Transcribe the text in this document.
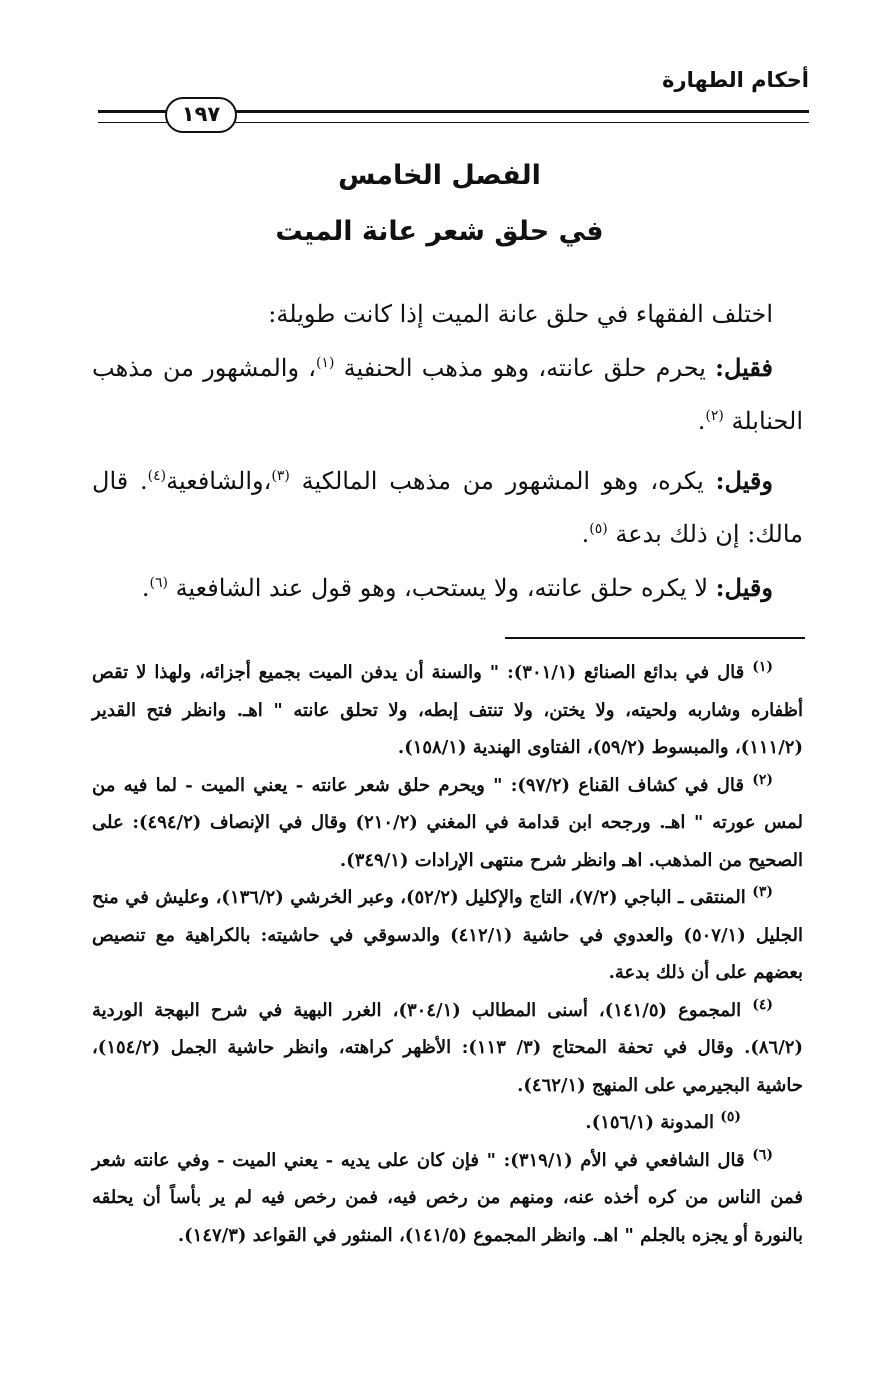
أحكام الطهارة
١٩٧
الفصل الخامس
في حلق شعر عانة الميت

اختلف الفقهاء في حلق عانة الميت إذا كانت طويلة:

فقيل: يحرم حلق عانته، وهو مذهب الحنفية $^{(١)}$، والمشهور من مذهب الحنابلة $^{(٢)}$.

وقيل: يكره، وهو المشهور من مذهب المالكية $^{(٣)}$،والشافعية$^{(٤)}$. قال مالك: إن ذلك بدعة $^{(٥)}$.

وقيل: لا يكره حلق عانته، ولا يستحب، وهو قول عند الشافعية $^{(٦)}$.

$^{(١)}$ قال في بدائع الصنائع (٣٠١/١): " والسنة أن يدفن الميت بجميع أجزائه، ولهذا لا تقص أظفاره وشاربه ولحيته، ولا يختن، ولا تنتف إبطه، ولا تحلق عانته " اهـ. وانظر فتح القدير (١١١/٢)، والمبسوط (٥٩/٢)، الفتاوى الهندية (١٥٨/١).

$^{(٢)}$ قال في كشاف القناع (٩٧/٢): " ويحرم حلق شعر عانته - يعني الميت - لما فيه من لمس عورته " اهـ. ورجحه ابن قدامة في المغني (٢١٠/٢) وقال في الإنصاف (٤٩٤/٢): على الصحيح من المذهب. اهـ وانظر شرح منتهى الإرادات (٣٤٩/١).

$^{(٣)}$ المنتقى ـ الباجي (٧/٢)، التاج والإكليل (٥٢/٢)، وعبر الخرشي (١٣٦/٢)، وعليش في منح الجليل (٥٠٧/١) والعدوي في حاشية (٤١٢/١) والدسوقي في حاشيته: بالكراهية مع تنصيص بعضهم على أن ذلك بدعة.

$^{(٤)}$ المجموع (١٤١/٥)، أسنى المطالب (٣٠٤/١)، الغرر البهية في شرح البهجة الوردية (٨٦/٢). وقال في تحفة المحتاج (٣/ ١١٣): الأظهر كراهته، وانظر حاشية الجمل (١٥٤/٢)، حاشية البجيرمي على المنهج (٤٦٢/١).

$^{(٥)}$ المدونة (١٥٦/١).

$^{(٦)}$ قال الشافعي في الأم (٣١٩/١): " فإن كان على يديه - يعني الميت - وفي عانته شعر فمن الناس من كره أخذه عنه، ومنهم من رخص فيه، فمن رخص فيه لم ير بأساً أن يحلقه بالنورة أو يجزه بالجلم " اهـ. وانظر المجموع (١٤١/٥)، المنثور في القواعد (١٤٧/٣).
